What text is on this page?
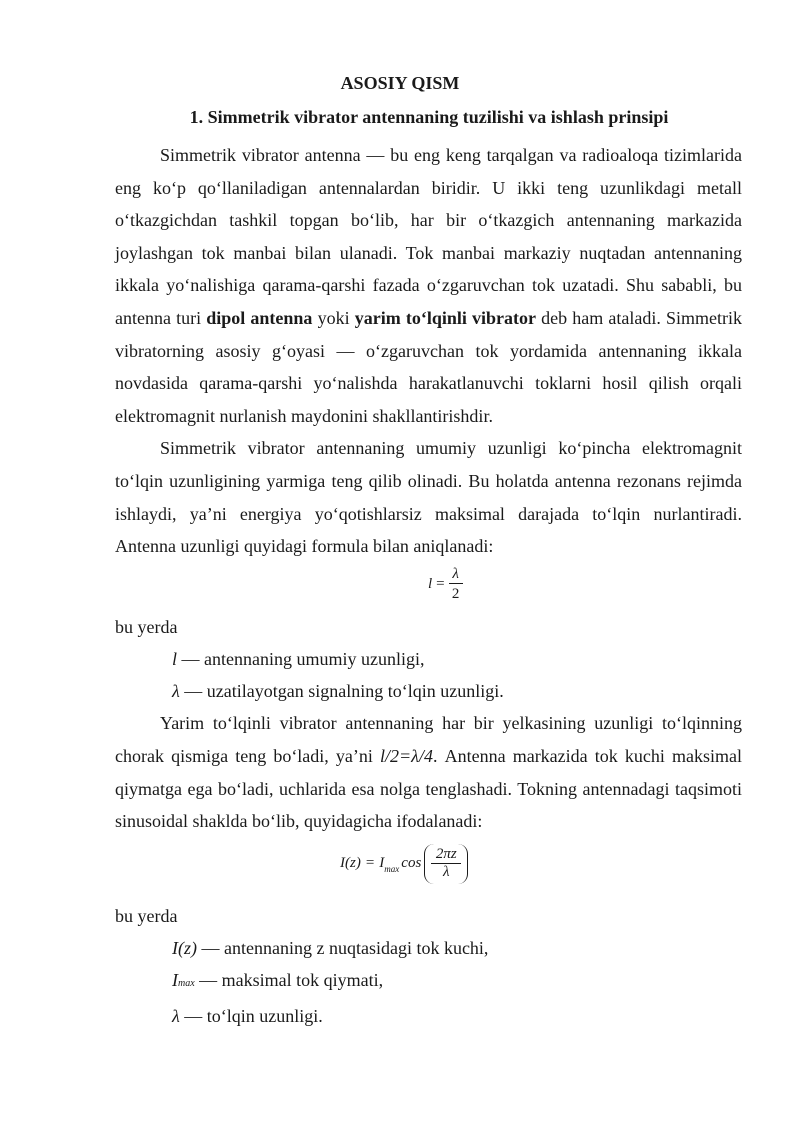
ASOSIY QISM
1. Simmetrik vibrator antennaning tuzilishi va ishlash prinsipi

Simmetrik vibrator antenna — bu eng keng tarqalgan va radioaloqa tizimlarida eng ko‘p qo‘llaniladigan antennalardan biridir. U ikki teng uzunlikdagi metall o‘tkazgichdan tashkil topgan bo‘lib, har bir o‘tkazgich antennaning markazida joylashgan tok manbai bilan ulanadi. Tok manbai markaziy nuqtadan antennaning ikkala yo‘nalishiga qarama-qarshi fazada o‘zgaruvchan tok uzatadi. Shu sababli, bu antenna turi dipol antenna yoki yarim to‘lqinli vibrator deb ham ataladi. Simmetrik vibratorning asosiy g‘oyasi — o‘zgaruvchan tok yordamida antennaning ikkala novdasida qarama-qarshi yo‘nalishda harakatlanuvchi toklarni hosil qilish orqali elektromagnit nurlanish maydonini shakllantirishdir.

Simmetrik vibrator antennaning umumiy uzunligi ko‘pincha elektromagnit to‘lqin uzunligining yarmiga teng qilib olinadi. Bu holatda antenna rezonans rejimda ishlaydi, ya’ni energiya yo‘qotishlarsiz maksimal darajada to‘lqin nurlantiradi. Antenna uzunligi quyidagi formula bilan aniqlanadi:

$l = \frac{\lambda}{2}$

bu yerda

l — antennaning umumiy uzunligi,

λ — uzatilayotgan signalning to‘lqin uzunligi.

Yarim to‘lqinli vibrator antennaning har bir yelkasining uzunligi to‘lqinning chorak qismiga teng bo‘ladi, ya’ni l/2=λ/4. Antenna markazida tok kuchi maksimal qiymatga ega bo‘ladi, uchlarida esa nolga tenglashadi. Tokning antennadagi taqsimoti sinusoidal shaklda bo‘lib, quyidagicha ifodalanadi:

I(z) = I $\max \cos \frac{2\pi z}{\lambda}$

bu yerda

I(z) — antennaning z nuqtasidagi tok kuchi,

Imax — maksimal tok qiymati,

λ — to‘lqin uzunligi.
